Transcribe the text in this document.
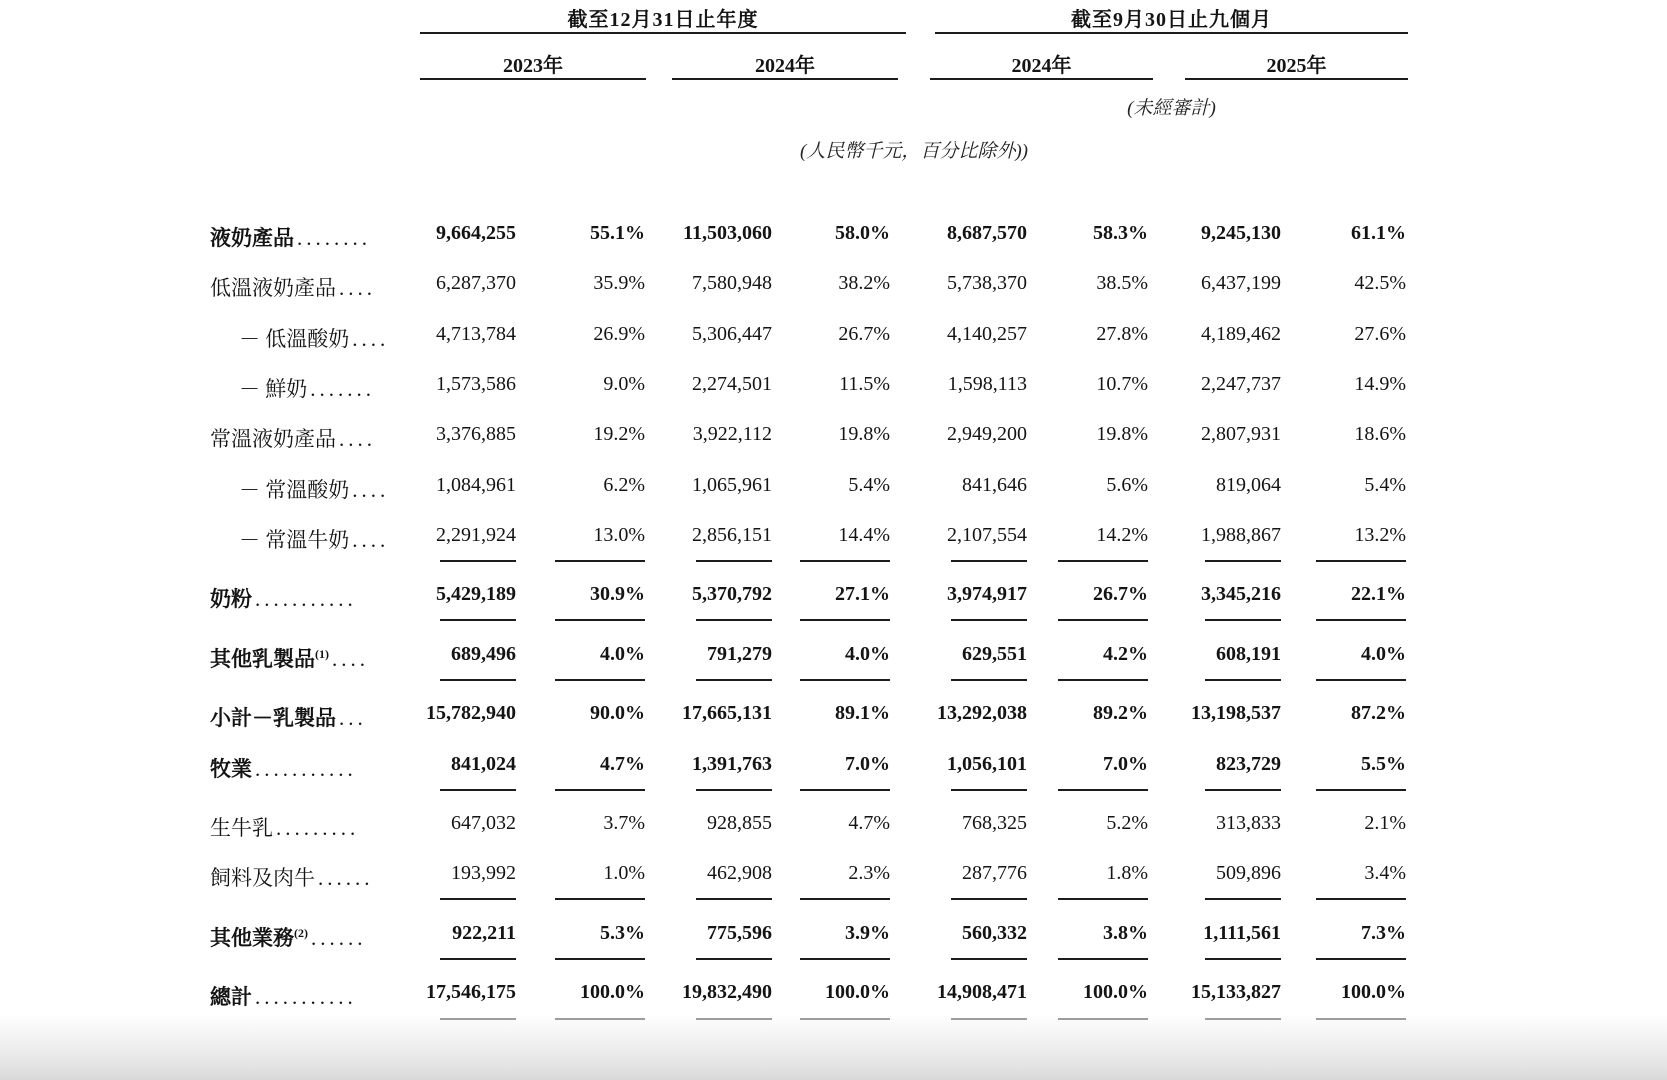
截至12月31日止年度	截至9月30日止九個月
2023年	2024年	2024年	2025年
(未經審計)
(人民幣千元，百分比除外))
液奶產品 ........	9,664,255	55.1%	11,503,060	58.0%	8,687,570	58.3%	9,245,130	61.1%
低溫液奶產品 ....	6,287,370	35.9%	7,580,948	38.2%	5,738,370	38.5%	6,437,199	42.5%
－ 低溫酸奶 ....	4,713,784	26.9%	5,306,447	26.7%	4,140,257	27.8%	4,189,462	27.6%
－ 鮮奶 .......	1,573,586	9.0%	2,274,501	11.5%	1,598,113	10.7%	2,247,737	14.9%
常溫液奶產品 ....	3,376,885	19.2%	3,922,112	19.8%	2,949,200	19.8%	2,807,931	18.6%
－ 常溫酸奶 ....	1,084,961	6.2%	1,065,961	5.4%	841,646	5.6%	819,064	5.4%
－ 常溫牛奶 ....	2,291,924	13.0%	2,856,151	14.4%	2,107,554	14.2%	1,988,867	13.2%
奶粉 ...........	5,429,189	30.9%	5,370,792	27.1%	3,974,917	26.7%	3,345,216	22.1%
其他乳製品$^{(1)}$ ....	689,496	4.0%	791,279	4.0%	629,551	4.2%	608,191	4.0%
小計－乳製品 ...	15,782,940	90.0%	17,665,131	89.1%	13,292,038	89.2%	13,198,537	87.2%
牧業 ...........	841,024	4.7%	1,391,763	7.0%	1,056,101	7.0%	823,729	5.5%
生牛乳 .........	647,032	3.7%	928,855	4.7%	768,325	5.2%	313,833	2.1%
飼料及肉牛 ......	193,992	1.0%	462,908	2.3%	287,776	1.8%	509,896	3.4%
其他業務$^{(2)}$ ......	922,211	5.3%	775,596	3.9%	560,332	3.8%	1,111,561	7.3%
總計 ...........	17,546,175	100.0%	19,832,490	100.0%	14,908,471	100.0%	15,133,827	100.0%
